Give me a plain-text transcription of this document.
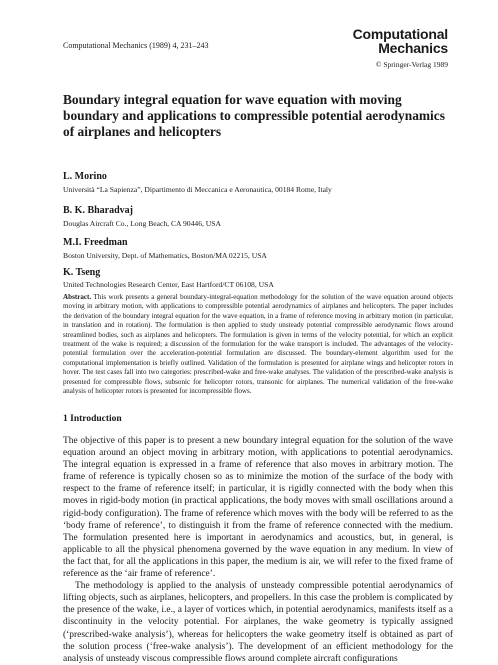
Computational Mechanics (1989) 4, 231–243
Computational
Mechanics
© Springer-Verlag 1989
Boundary integral equation for wave equation with moving boundary and applications to compressible potential aerodynamics of airplanes and helicopters
L. Morino
Università “La Sapienza”, Dipartimento di Meccanica e Aeronautica, 00184 Rome, Italy
B. K. Bharadvaj
Douglas Aircraft Co., Long Beach, CA 90446, USA
M.I. Freedman
Boston University, Dept. of Mathematics, Boston/MA 02215, USA
K. Tseng
United Technologies Research Center, East Hartford/CT 06108, USA
Abstract. This work presents a general boundary-integral-equation methodology for the solution of the wave equation around objects moving in arbitrary motion, with applications to compressible potential aerodynamics of airplanes and helicopters. The paper includes the derivation of the boundary integral equation for the wave equation, in a frame of reference moving in arbitrary motion (in particular, in translation and in rotation). The formulation is then applied to study unsteady potential compressible aerodynamic flows around streamlined bodies, such as airplanes and helicopters. The formulation is given in terms of the velocity potential, for which an explicit treatment of the wake is required; a discussion of the formulation for the wake transport is included. The advantages of the velocity-potential formulation over the acceleration-potential formulation are discussed. The boundary-element algorithm used for the computational implementation is briefly outlined. Validation of the formulation is presented for airplane wings and helicopter rotors in hover. The test cases fall into two categories: prescribed-wake and free-wake analyses. The validation of the prescribed-wake analysis is presented for compressible flows, subsonic for helicopter rotors, transonic for airplanes. The numerical validation of the free-wake analysis of helicopter rotors is presented for incompressible flows.
1 Introduction

The objective of this paper is to present a new boundary integral equation for the solution of the wave equation around an object moving in arbitrary motion, with applications to potential aerodynamics. The integral equation is expressed in a frame of reference that also moves in arbitrary motion. The frame of reference is typically chosen so as to minimize the motion of the surface of the body with respect to the frame of reference itself; in particular, it is rigidly connected with the body when this moves in rigid-body motion (in practical applications, the body moves with small oscillations around a rigid-body configuration). The frame of reference which moves with the body will be referred to as the ‘body frame of reference’, to distinguish it from the frame of reference connected with the medium. The formulation presented here is important in aerodynamics and acoustics, but, in general, is applicable to all the physical phenomena governed by the wave equation in any medium. In view of the fact that, for all the applications in this paper, the medium is air, we will refer to the fixed frame of reference as the ‘air frame of reference’.

The methodology is applied to the analysis of unsteady compressible potential aerodynamics of lifting objects, such as airplanes, helicopters, and propellers. In this case the problem is complicated by the presence of the wake, i.e., a layer of vortices which, in potential aerodynamics, manifests itself as a discontinuity in the velocity potential. For airplanes, the wake geometry is typically assigned (‘prescribed-wake analysis’), whereas for helicopters the wake geometry itself is obtained as part of the solution process (‘free-wake analysis’). The development of an efficient methodology for the analysis of unsteady viscous compressible flows around complete aircraft configurations
